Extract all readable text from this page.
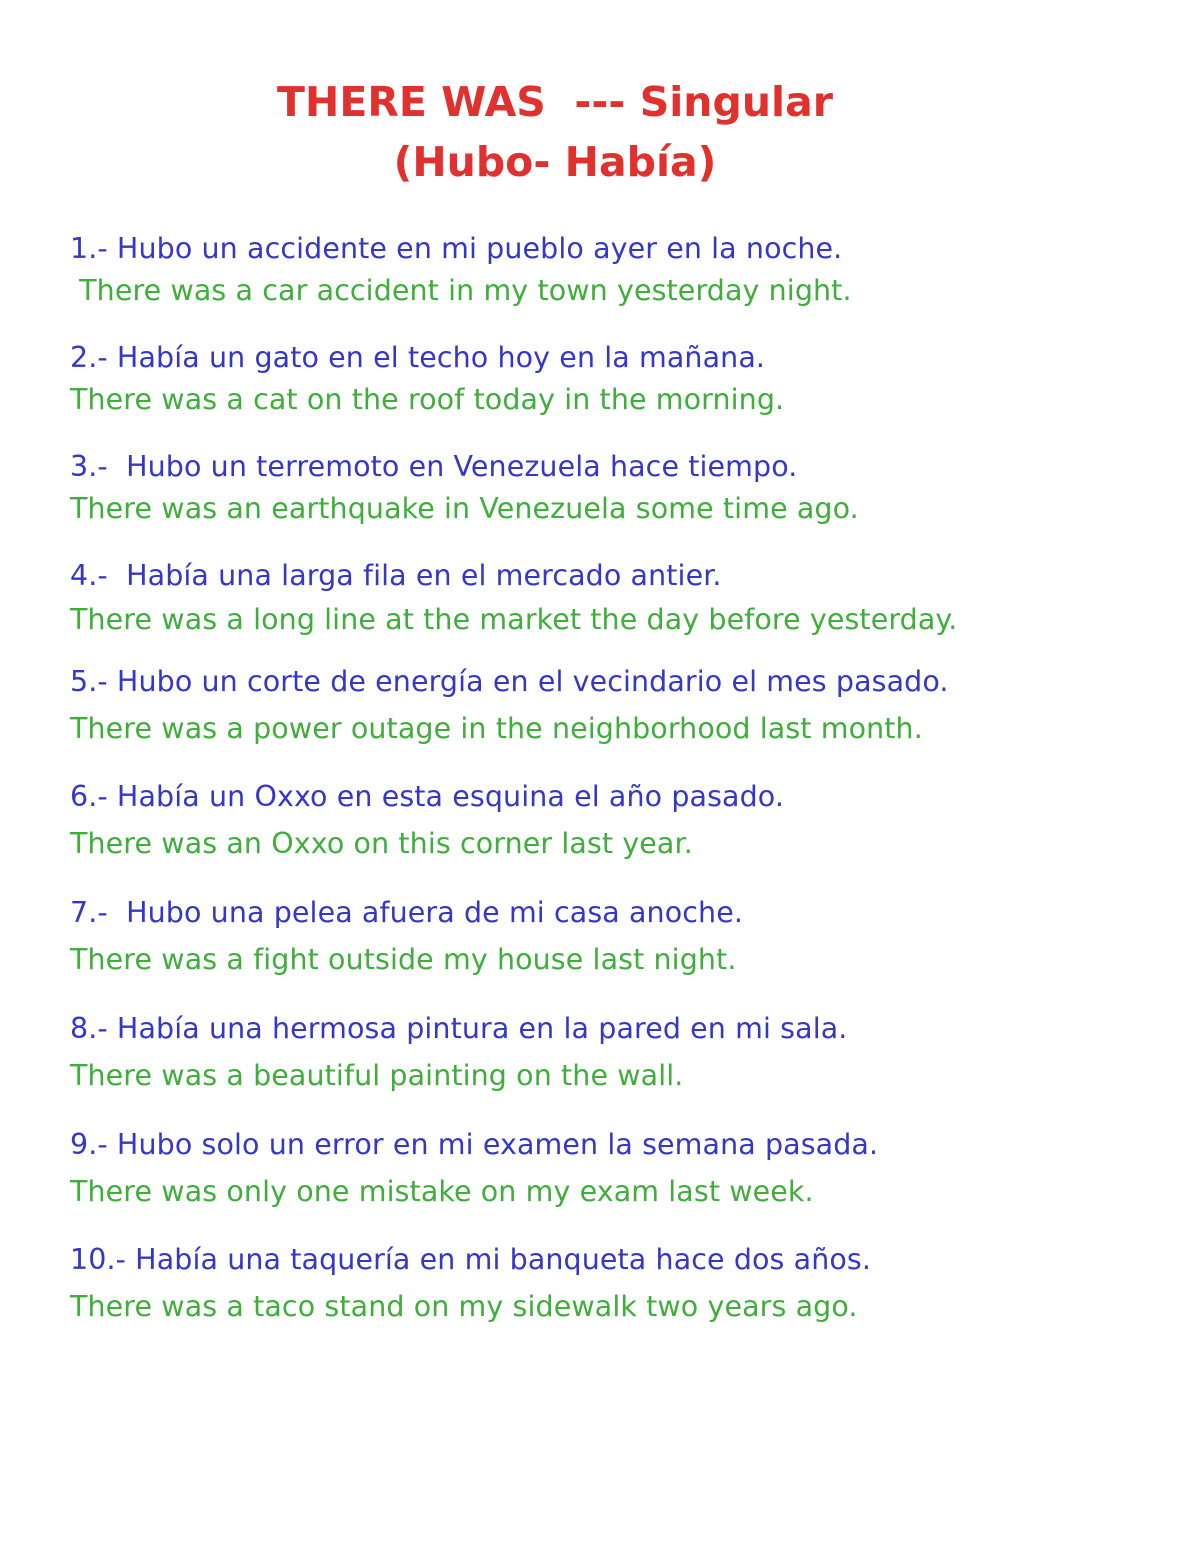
THERE WAS  --- Singular
(Hubo- Había)
1.- Hubo un accidente en mi pueblo ayer en la noche.
There was a car accident in my town yesterday night.
2.- Había un gato en el techo hoy en la mañana.
There was a cat on the roof today in the morning.
3.-  Hubo un terremoto en Venezuela hace tiempo.
There was an earthquake in Venezuela some time ago.
4.-  Había una larga fila en el mercado antier.
There was a long line at the market the day before yesterday.
5.- Hubo un corte de energía en el vecindario el mes pasado.
There was a power outage in the neighborhood last month.
6.- Había un Oxxo en esta esquina el año pasado.
There was an Oxxo on this corner last year.
7.-  Hubo una pelea afuera de mi casa anoche.
There was a fight outside my house last night.
8.- Había una hermosa pintura en la pared en mi sala.
There was a beautiful painting on the wall.
9.- Hubo solo un error en mi examen la semana pasada.
There was only one mistake on my exam last week.
10.- Había una taquería en mi banqueta hace dos años.
There was a taco stand on my sidewalk two years ago.
